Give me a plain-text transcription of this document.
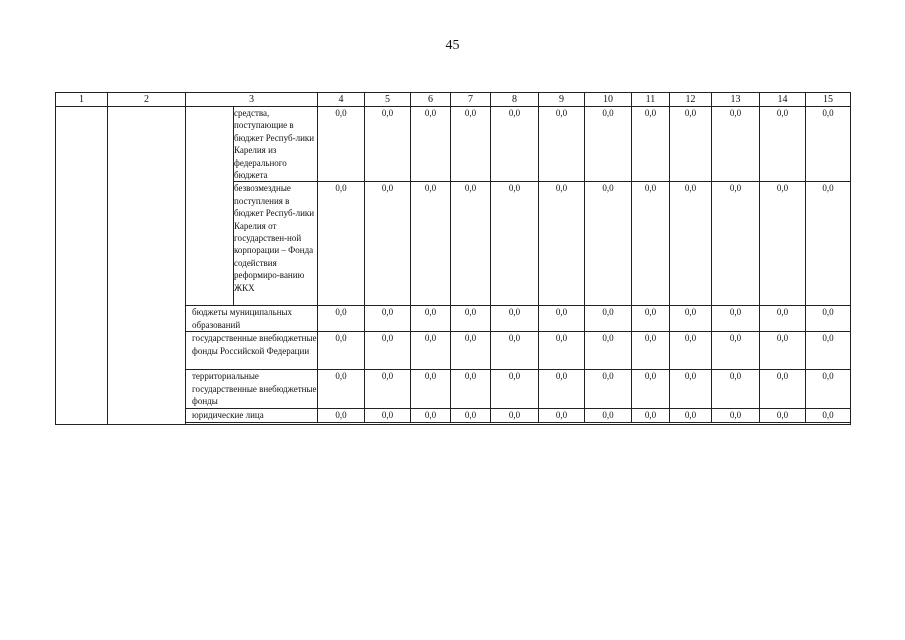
45
1	2	3		4	5	6	7	8	9	10	11	12	13	14	15
			средства, поступающие в бюджет Респуб-лики Карелия из федерального бюджета	0,0	0,0	0,0	0,0	0,0	0,0	0,0	0,0	0,0	0,0	0,0	0,0
			безвозмездные поступления в бюджет Респуб-лики Карелия от государствен-ной корпорации – Фонда содействия реформиро-ванию ЖКХ	0,0	0,0	0,0	0,0	0,0	0,0	0,0	0,0	0,0	0,0	0,0	0,0
		бюджеты муниципальных образований		0,0	0,0	0,0	0,0	0,0	0,0	0,0	0,0	0,0	0,0	0,0	0,0
		государственные внебюджетные фонды Российской Федерации		0,0	0,0	0,0	0,0	0,0	0,0	0,0	0,0	0,0	0,0	0,0	0,0
		территориальные государственные внебюджетные фонды		0,0	0,0	0,0	0,0	0,0	0,0	0,0	0,0	0,0	0,0	0,0	0,0
		юридические лица		0,0	0,0	0,0	0,0	0,0	0,0	0,0	0,0	0,0	0,0	0,0	0,0
